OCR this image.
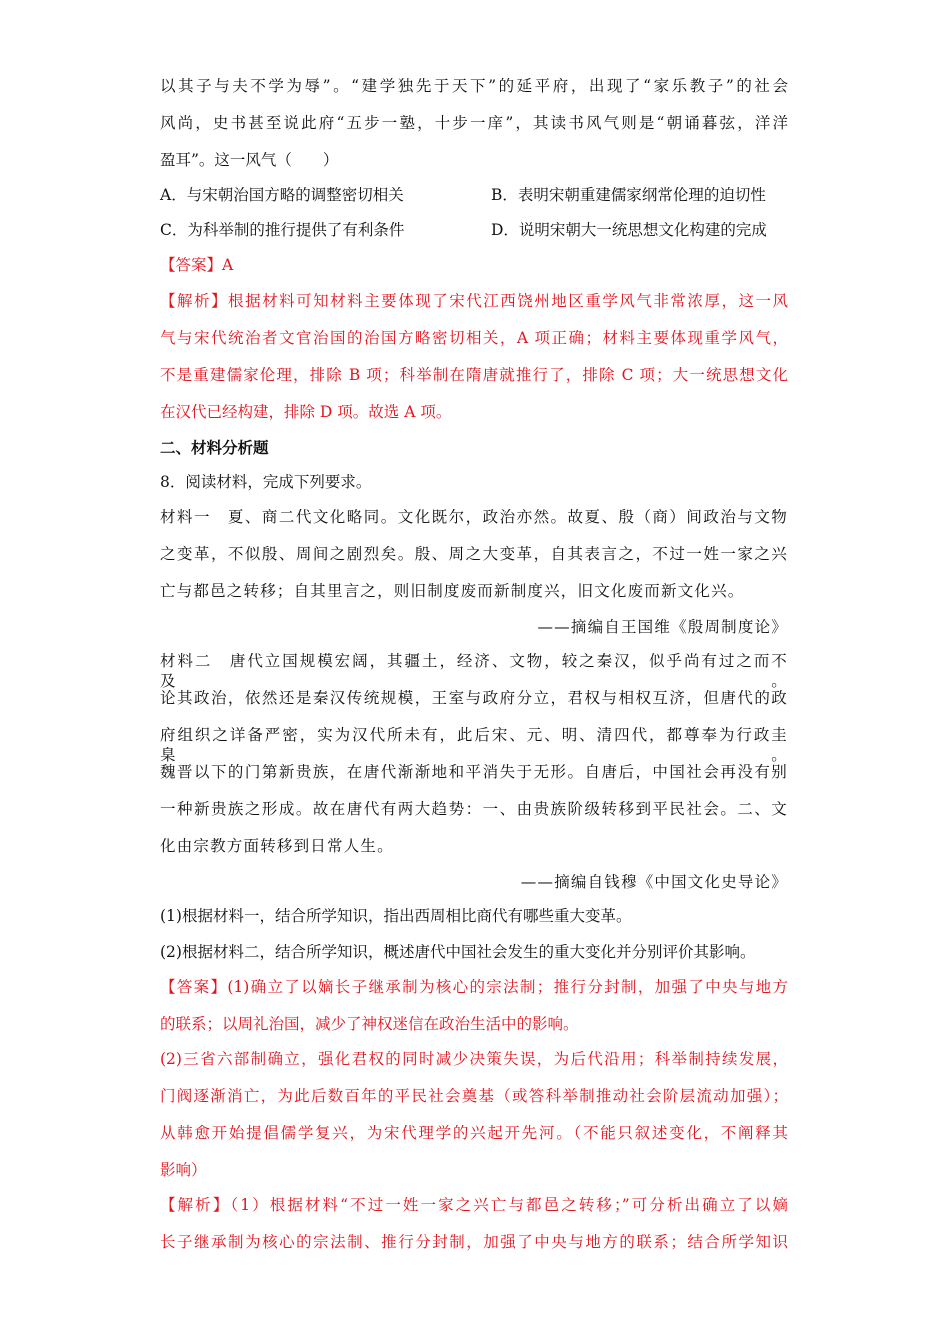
以其子与夫不学为辱”。“建学独先于天下”的延平府，出现了“家乐教子”的社会
风尚，史书甚至说此府“五步一塾，十步一庠”，其读书风气则是“朝诵暮弦，洋洋
盈耳”。这一风气（　　）
【答案】A
【解析】根据材料可知材料主要体现了宋代江西饶州地区重学风气非常浓厚，这一风
气与宋代统治者文官治国的治国方略密切相关，A 项正确；材料主要体现重学风气，
不是重建儒家伦理，排除 B 项；科举制在隋唐就推行了，排除 C 项；大一统思想文化
在汉代已经构建，排除 D 项。故选 A 项。
二、材料分析题
8．阅读材料，完成下列要求。
材料一　夏、商二代文化略同。文化既尔，政治亦然。故夏、殷（商）间政治与文物
之变革，不似殷、周间之剧烈矣。殷、周之大变革，自其表言之，不过一姓一家之兴
亡与都邑之转移；自其里言之，则旧制度废而新制度兴，旧文化废而新文化兴。
——摘编自王国维《殷周制度论》
材料二　唐代立国规模宏阔，其疆土，经济、文物，较之秦汉，似乎尚有过之而不及。
论其政治，依然还是秦汉传统规模，王室与政府分立，君权与相权互济，但唐代的政
府组织之详备严密，实为汉代所未有，此后宋、元、明、清四代，都尊奉为行政圭臬。
魏晋以下的门第新贵族，在唐代渐渐地和平消失于无形。自唐后，中国社会再没有别
一种新贵族之形成。故在唐代有两大趋势：一、由贵族阶级转移到平民社会。二、文
化由宗教方面转移到日常人生。
——摘编自钱穆《中国文化史导论》
(1)根据材料一，结合所学知识，指出西周相比商代有哪些重大变革。
(2)根据材料二，结合所学知识，概述唐代中国社会发生的重大变化并分别评价其影响。
【答案】(1)确立了以嫡长子继承制为核心的宗法制；推行分封制，加强了中央与地方
的联系；以周礼治国，减少了神权迷信在政治生活中的影响。
(2)三省六部制确立，强化君权的同时减少决策失误，为后代沿用；科举制持续发展，
门阀逐渐消亡，为此后数百年的平民社会奠基（或答科举制推动社会阶层流动加强）；
从韩愈开始提倡儒学复兴，为宋代理学的兴起开先河。（不能只叙述变化，不阐释其
影响）
【解析】（1）根据材料“不过一姓一家之兴亡与都邑之转移；”可分析出确立了以嫡
长子继承制为核心的宗法制、推行分封制，加强了中央与地方的联系；结合所学知识
A．与宋朝治国方略的调整密切相关	B．表明宋朝重建儒家纲常伦理的迫切性
C．为科举制的推行提供了有利条件	D．说明宋朝大一统思想文化构建的完成
